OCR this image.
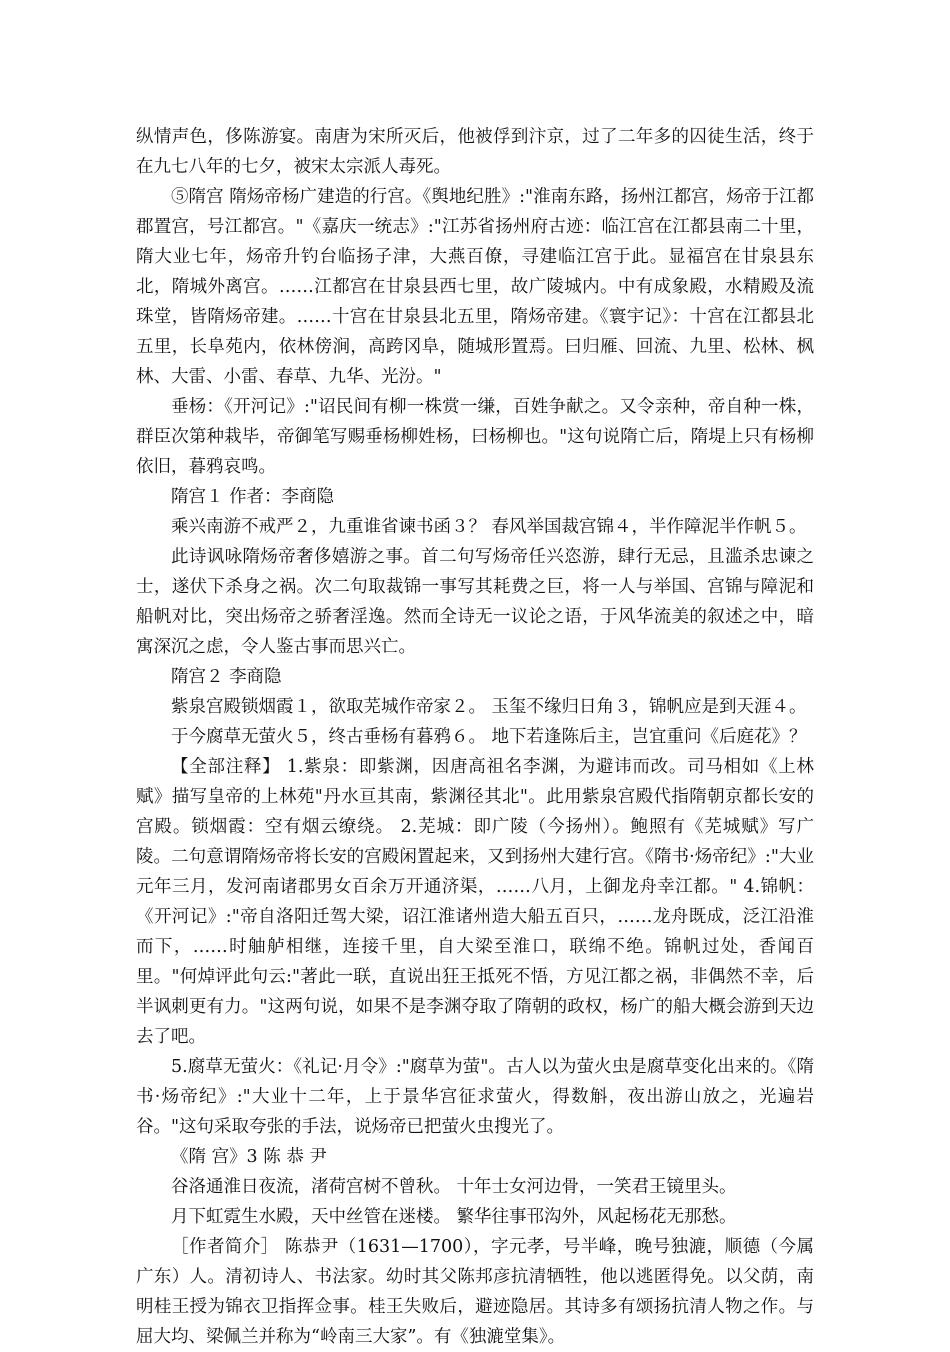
纵情声色，侈陈游宴。南唐为宋所灭后，他被俘到汴京，过了二年多的囚徒生活，终于在九七八年的七夕，被宋太宗派人毒死。

⑤隋宫 隋炀帝杨广建造的行宫。《舆地纪胜》:"淮南东路，扬州江都宫，炀帝于江都郡置宫，号江都宫。"《嘉庆一统志》:"江苏省扬州府古迹：临江宫在江都县南二十里，隋大业七年，炀帝升钓台临扬子津，大燕百僚，寻建临江宫于此。显福宫在甘泉县东北，隋城外离宫。……江都宫在甘泉县西七里，故广陵城内。中有成象殿，水精殿及流珠堂，皆隋炀帝建。……十宫在甘泉县北五里，隋炀帝建。《寰宇记》：十宫在江都县北五里，长阜苑内，依林傍涧，高跨冈阜，随城形置焉。曰归雁、回流、九里、松林、枫林、大雷、小雷、春草、九华、光汾。"

垂杨：《开河记》:"诏民间有柳一株赏一缣，百姓争献之。又令亲种，帝自种一株，群臣次第种栽毕，帝御笔写赐垂杨柳姓杨，曰杨柳也。"这句说隋亡后，隋堤上只有杨柳依旧，暮鸦哀鸣。

隋宫１ 作者：李商隐

乘兴南游不戒严２，九重谁省谏书函３？ 春风举国裁宫锦４，半作障泥半作帆５。

此诗讽咏隋炀帝奢侈嬉游之事。首二句写炀帝任兴恣游，肆行无忌，且滥杀忠谏之士，遂伏下杀身之祸。次二句取裁锦一事写其耗费之巨，将一人与举国、宫锦与障泥和船帆对比，突出炀帝之骄奢淫逸。然而全诗无一议论之语，于风华流美的叙述之中，暗寓深沉之虑，令人鉴古事而思兴亡。

隋宫２ 李商隐

紫泉宫殿锁烟霞１，欲取芜城作帝家２。 玉玺不缘归日角３，锦帆应是到天涯４。

于今腐草无萤火５，终古垂杨有暮鸦６。 地下若逢陈后主，岂宜重问《后庭花》？

【全部注释】 1.紫泉：即紫渊，因唐高祖名李渊，为避讳而改。司马相如《上林赋》描写皇帝的上林苑"丹水亘其南，紫渊径其北"。此用紫泉宫殿代指隋朝京都长安的宫殿。锁烟霞：空有烟云缭绕。 2.芜城：即广陵（今扬州）。鲍照有《芜城赋》写广陵。二句意谓隋炀帝将长安的宫殿闲置起来，又到扬州大建行宫。《隋书·炀帝纪》:"大业元年三月，发河南诸郡男女百余万开通济渠，……八月，上御龙舟幸江都。" 4.锦帆：《开河记》:"帝自洛阳迁驾大梁，诏江淮诸州造大船五百只，……龙舟既成，泛江沿淮而下，……时舳舻相继，连接千里，自大梁至淮口，联绵不绝。锦帆过处，香闻百里。"何焯评此句云:"著此一联，直说出狂王抵死不悟，方见江都之祸，非偶然不幸，后半讽刺更有力。"这两句说，如果不是李渊夺取了隋朝的政权，杨广的船大概会游到天边去了吧。

5.腐草无萤火：《礼记·月令》:"腐草为萤"。古人以为萤火虫是腐草变化出来的。《隋书·炀帝纪》:"大业十二年，上于景华宫征求萤火，得数斛，夜出游山放之，光遍岩谷。"这句采取夸张的手法，说炀帝已把萤火虫搜光了。

《隋 宫》3 陈 恭 尹

谷洛通淮日夜流，渚荷宫树不曾秋。 十年士女河边骨，一笑君王镜里头。

月下虹霓生水殿，天中丝管在迷楼。 繁华往事邗沟外，风起杨花无那愁。

［作者简介］ 陈恭尹（1631—1700），字元孝，号半峰，晚号独漉，顺德（今属广东）人。清初诗人、书法家。幼时其父陈邦彦抗清牺牲，他以逃匿得免。以父荫，南明桂王授为锦衣卫指挥佥事。桂王失败后，避迹隐居。其诗多有颂扬抗清人物之作。与屈大均、梁佩兰并称为“岭南三大家”。有《独漉堂集》。
